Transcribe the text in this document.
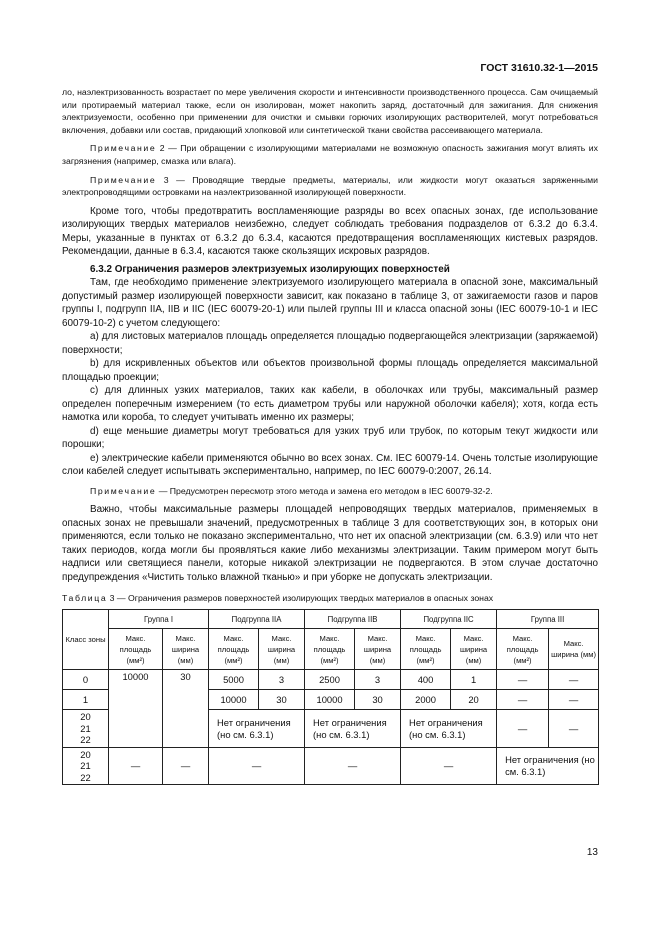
ГОСТ 31610.32-1—2015

ло, наэлектризованность возрастает по мере увеличения скорости и интенсивности производственного процесса. Сам очищаемый или протираемый материал также, если он изолирован, может накопить заряд, достаточный для зажигания. Для снижения электризуемости, особенно при применении для очистки и смывки горючих изолирующих растворителей, могут потребоваться включения, добавки или состав, придающий хлопковой или синтетической ткани свойства рассеивающего материала.

Примечание 2 — При обращении с изолирующими материалами не возможную опасность зажигания могут влиять их загрязнения (например, смазка или влага).

Примечание 3 — Проводящие твердые предметы, материалы, или жидкости могут оказаться заряженными электропроводящими островками на наэлектризованной изолирующей поверхности.

Кроме того, чтобы предотвратить воспламеняющие разряды во всех опасных зонах, где использование изолирующих твердых материалов неизбежно, следует соблюдать требования подразделов от 6.3.2 до 6.3.4. Меры, указанные в пунктах от 6.3.2 до 6.3.4, касаются предотвращения воспламеняющих кистевых разрядов. Рекомендации, данные в 6.3.4, касаются также скользящих искровых разрядов.

6.3.2 Ограничения размеров электризуемых изолирующих поверхностей

Там, где необходимо применение электризуемого изолирующего материала в опасной зоне, максимальный допустимый размер изолирующей поверхности зависит, как показано в таблице 3, от зажигаемости газов и паров группы I, подгрупп IIA, IIB и IIC (IEC 60079-20-1) или пылей группы III и класса опасной зоны (IEC 60079-10-1 и IEC 60079-10-2) с учетом следующего:

a) для листовых материалов площадь определяется площадью подвергающейся электризации (заряжаемой) поверхности;

b) для искривленных объектов или объектов произвольной формы площадь определяется максимальной площадью проекции;

c) для длинных узких материалов, таких как кабели, в оболочках или трубы, максимальный размер определен поперечным измерением (то есть диаметром трубы или наружной оболочки кабеля); хотя, когда есть намотка или короба, то следует учитывать именно их размеры;

d) еще меньшие диаметры могут требоваться для узких труб или трубок, по которым текут жидкости или порошки;

e) электрические кабели применяются обычно во всех зонах. См. IEC 60079-14. Очень толстые изолирующие слои кабелей следует испытывать экспериментально, например, по IEC 60079-0:2007, 26.14.

Примечание — Предусмотрен пересмотр этого метода и замена его методом в IEC 60079-32-2.

Важно, чтобы максимальные размеры площадей непроводящих твердых материалов, применяемых в опасных зонах не превышали значений, предусмотренных в таблице 3 для соответствующих зон, в которых они применяются, если только не показано экспериментально, что нет их опасной электризации (см. 6.3.9) или что нет таких периодов, когда могли бы проявляться какие либо механизмы электризации. Таким примером могут быть надписи или светящиеся панели, которые никакой электризации не подвергаются. В этом случае достаточно предупреждения «Чистить только влажной тканью» и при уборке не допускать электризации.

Таблица 3 — Ограничения размеров поверхностей изолирующих твердых материалов в опасных зонах

Класс зоны	Группа I		Подгруппа IIA		Подгруппа IIB		Подгруппа IIC		Группа III	
	Макс. площадь (мм²)	Макс. ширина (мм)	Макс. площадь (мм²)	Макс. ширина (мм)	Макс. площадь (мм²)	Макс. ширина (мм)	Макс. площадь (мм²)	Макс. ширина (мм)	Макс. площадь (мм²)	Макс. ширина (мм)
0	10000	30	5000	3	2500	3	400	1	—	—
1			10000	30	10000	30	2000	20	—	—

20
21
22			Нет ограничения (но см. 6.3.1)		Нет ограничения (но см. 6.3.1)		Нет ограничения (но см. 6.3.1)		—	—

20
21
22	—	—	—		—		—		Нет ограничения (но см. 6.3.1)	
13
